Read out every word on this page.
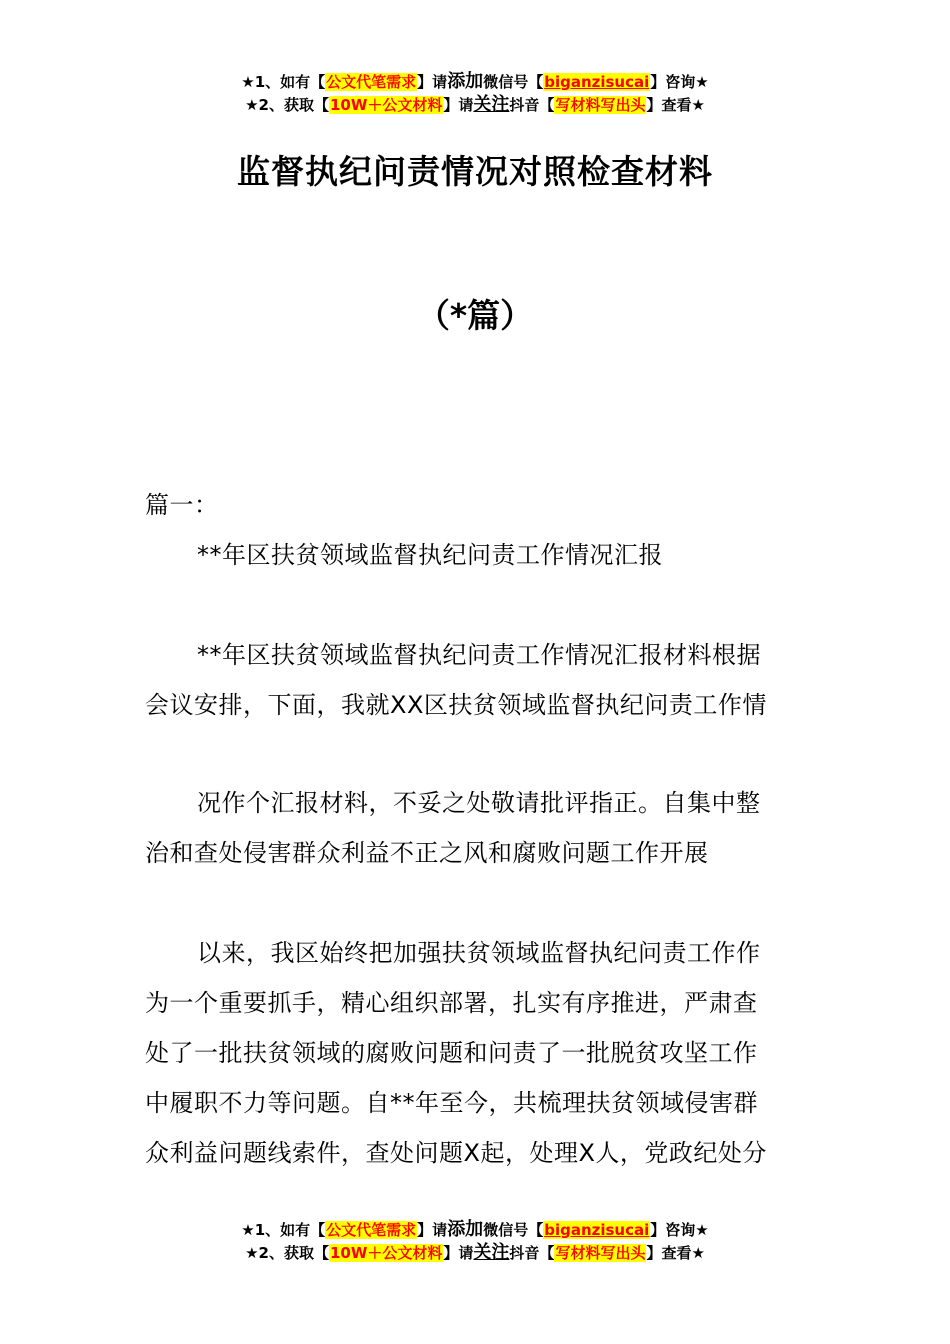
★1、如有【公文代笔需求】请添加微信号【biganzisucai】咨询★
★2、获取【10W＋公文材料】请关注抖音【写材料写出头】查看★
监督执纪问责情况对照检查材料
（*篇）
篇一：
**年区扶贫领域监督执纪问责工作情况汇报
**年区扶贫领域监督执纪问责工作情况汇报材料根据
会议安排，下面，我就XX区扶贫领域监督执纪问责工作情
况作个汇报材料，不妥之处敬请批评指正。自集中整
治和查处侵害群众利益不正之风和腐败问题工作开展
以来，我区始终把加强扶贫领域监督执纪问责工作作
为一个重要抓手，精心组织部署，扎实有序推进，严肃查
处了一批扶贫领域的腐败问题和问责了一批脱贫攻坚工作
中履职不力等问题。自**年至今，共梳理扶贫领域侵害群
众利益问题线索件，查处问题X起，处理X人，党政纪处分
★1、如有【公文代笔需求】请添加微信号【biganzisucai】咨询★
★2、获取【10W＋公文材料】请关注抖音【写材料写出头】查看★
